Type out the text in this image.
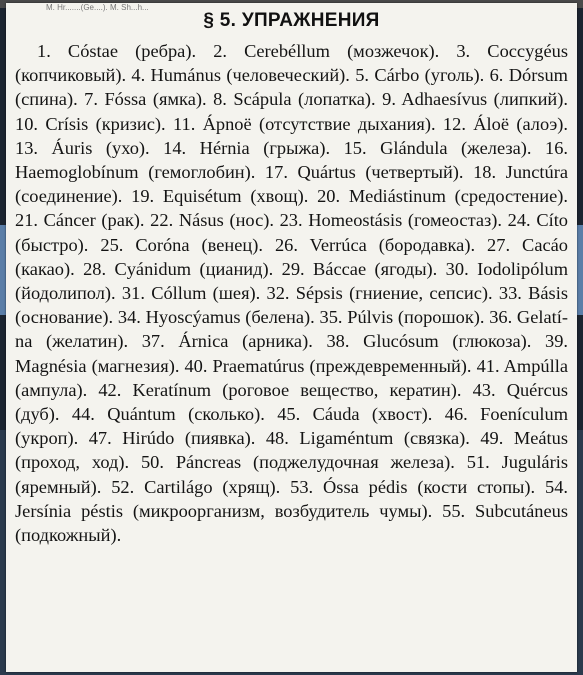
M. Hr.......(Ge....). M. Sh...h...
§ 5. УПРАЖНЕНИЯ

1. Cóstae (ребра). 2. Cerebéllum (мозжечок). 3. Coccygéus (копчиковый). 4. Humánus (человеческий). 5. Cárbo (уголь). 6. Dórsum (спина). 7. Fóssa (ямка). 8. Scápula (лопатка). 9. Adhaesívus (липкий). 10. Crísis (кризис). 11. Ápnoë (отсутствие дыхания). 12. Áloë (алоэ). 13. Áuris (ухо). 14. Hérnia (грыжа). 15. Glándula (железа). 16. Haemoglobínum (гемоглобин). 17. Quártus (четвертый). 18. Junctúra (соединение). 19. Equisétum (хвощ). 20. Mediástinum (средостение). 21. Cáncer (рак). 22. Násus (нос). 23. Homeostásis (гомеостаз). 24. Cíto (быстро). 25. Coróna (венец). 26. Verrúca (бородавка). 27. Cacáo (какао). 28. Cyánidum (цианид). 29. Báccae (ягоды). 30. Iodolipólum (йодолипол). 31. Cóllum (шея). 32. Sépsis (гниение, сепсис). 33. Básis (основание). 34. Hyoscýamus (белена). 35. Púlvis (порошок). 36. Gelatína (желатин). 37. Árnica (арника). 38. Glucósum (глюкоза). 39. Magnésia (магнезия). 40. Praematúrus (преждевременный). 41. Ampúlla (ампула). 42. Keratínum (роговое вещество, кератин). 43. Quércus (дуб). 44. Quántum (сколько). 45. Cáuda (хвост). 46. Foenículum (укроп). 47. Hirúdo (пиявка). 48. Ligaméntum (связка). 49. Meátus (проход, ход). 50. Páncreas (поджелудочная железа). 51. Juguláris (яремный). 52. Cartilágo (хрящ). 53. Óssa pédis (кости стопы). 54. Jersínia péstis (микроорганизм, возбудитель чумы). 55. Subcutáneus (подкожный).
